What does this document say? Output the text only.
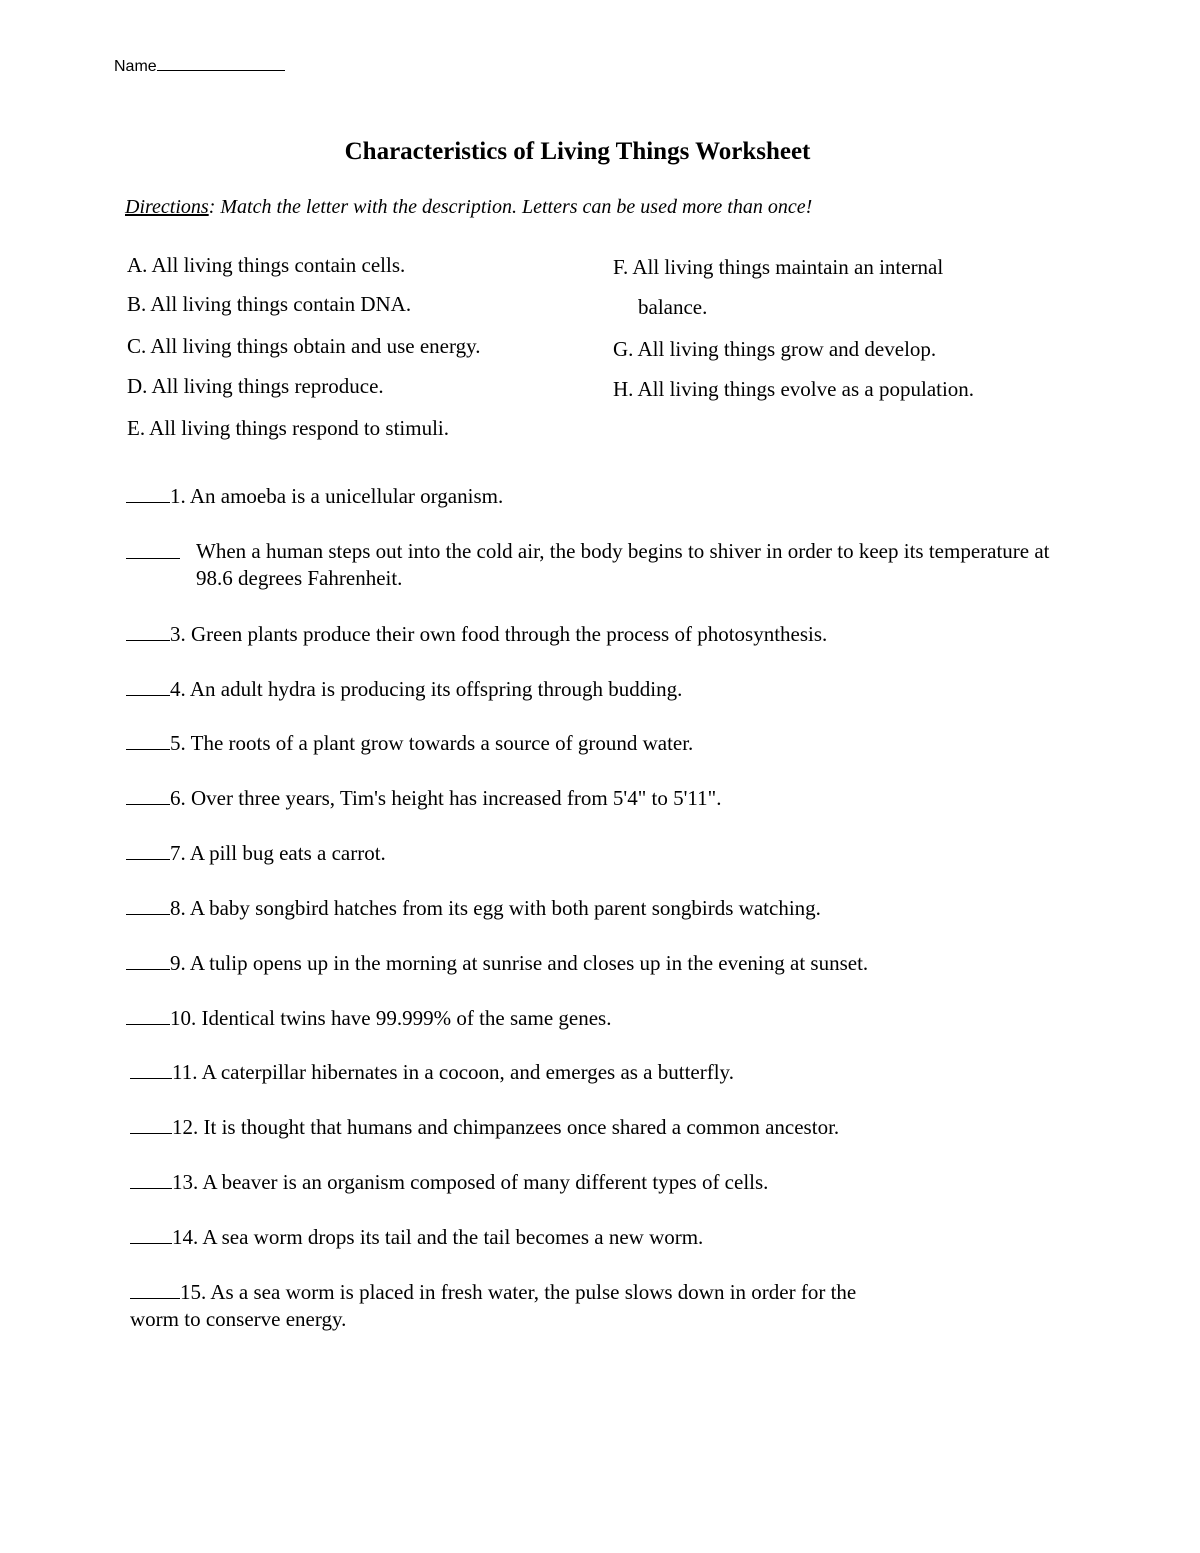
Name
Characteristics of Living Things Worksheet
Directions: Match the letter with the description. Letters can be used more than once!
A. All living things contain cells.
B. All living things contain DNA.
C. All living things obtain and use energy.
D. All living things reproduce.
E. All living things respond to stimuli.
F. All living things maintain an internal
balance.
G. All living things grow and develop.
H. All living things evolve as a population.
1. An amoeba is a unicellular organism.
When a human steps out into the cold air, the body begins to shiver in order to keep its temperature at 98.6 degrees Fahrenheit.
3. Green plants produce their own food through the process of photosynthesis.
4. An adult hydra is producing its offspring through budding.
5. The roots of a plant grow towards a source of ground water.
6. Over three years, Tim's height has increased from 5'4" to 5'11".
7. A pill bug eats a carrot.
8. A baby songbird hatches from its egg with both parent songbirds watching.
9. A tulip opens up in the morning at sunrise and closes up in the evening at sunset.
10. Identical twins have 99.999% of the same genes.
11. A caterpillar hibernates in a cocoon, and emerges as a butterfly.
12. It is thought that humans and chimpanzees once shared a common ancestor.
13. A beaver is an organism composed of many different types of cells.
14. A sea worm drops its tail and the tail becomes a new worm.
15. As a sea worm is placed in fresh water, the pulse slows down in order for the
worm to conserve energy.
